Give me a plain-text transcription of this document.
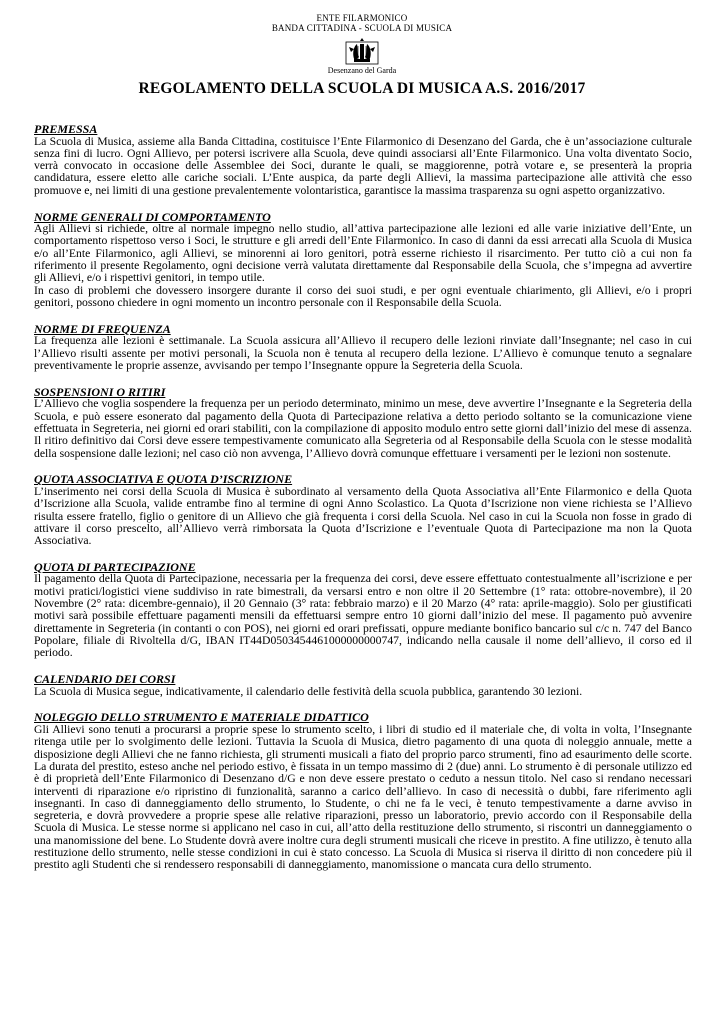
ENTE FILARMONICO
BANDA CITTADINA - SCUOLA DI MUSICA
Desenzano del Garda
REGOLAMENTO DELLA SCUOLA DI MUSICA A.S. 2016/2017
PREMESSA

La Scuola di Musica, assieme alla Banda Cittadina, costituisce l’Ente Filarmonico di Desenzano del Garda, che è un’associazione culturale senza fini di lucro. Ogni Allievo, per potersi iscrivere alla Scuola, deve quindi associarsi all’Ente Filarmonico. Una volta diventato Socio, verrà convocato in occasione delle Assemblee dei Soci, durante le quali, se maggiorenne, potrà votare e, se presenterà la propria candidatura, essere eletto alle cariche sociali. L’Ente auspica, da parte degli Allievi, la massima partecipazione alle attività che esso promuove e, nei limiti di una gestione prevalentemente volontaristica, garantisce la massima trasparenza su ogni aspetto organizzativo.

NORME GENERALI DI COMPORTAMENTO

Agli Allievi si richiede, oltre al normale impegno nello studio, all’attiva partecipazione alle lezioni ed alle varie iniziative dell’Ente, un comportamento rispettoso verso i Soci, le strutture e gli arredi dell’Ente Filarmonico. In caso di danni da essi arrecati alla Scuola di Musica e/o all’Ente Filarmonico, agli Allievi, se minorenni ai loro genitori, potrà esserne richiesto il risarcimento. Per tutto ciò a cui non fa riferimento il presente Regolamento, ogni decisione verrà valutata direttamente dal Responsabile della Scuola, che s’impegna ad avvertire gli Allievi, e/o i rispettivi genitori, in tempo utile.

In caso di problemi che dovessero insorgere durante il corso dei suoi studi, e per ogni eventuale chiarimento, gli Allievi, e/o i propri genitori, possono chiedere in ogni momento un incontro personale con il Responsabile della Scuola.

NORME DI FREQUENZA

La frequenza alle lezioni è settimanale. La Scuola assicura all’Allievo il recupero delle lezioni rinviate dall’Insegnante; nel caso in cui l’Allievo risulti assente per motivi personali, la Scuola non è tenuta al recupero della lezione. L’Allievo è comunque tenuto a segnalare preventivamente le proprie assenze, avvisando per tempo l’Insegnante oppure la Segreteria della Scuola.

SOSPENSIONI O RITIRI

L’Allievo che voglia sospendere la frequenza per un periodo determinato, minimo un mese, deve avvertire l’Insegnante e la Segreteria della Scuola, e può essere esonerato dal pagamento della Quota di Partecipazione relativa a detto periodo soltanto se la comunicazione viene effettuata in Segreteria, nei giorni ed orari stabiliti, con la compilazione di apposito modulo entro sette giorni dall’inizio del mese di assenza.

Il ritiro definitivo dai Corsi deve essere tempestivamente comunicato alla Segreteria od al Responsabile della Scuola con le stesse modalità della sospensione dalle lezioni; nel caso ciò non avvenga, l’Allievo dovrà comunque effettuare i versamenti per le lezioni non sostenute.

QUOTA ASSOCIATIVA E QUOTA D’ISCRIZIONE

L’inserimento nei corsi della Scuola di Musica è subordinato al versamento della Quota Associativa all’Ente Filarmonico e della Quota d’Iscrizione alla Scuola, valide entrambe fino al termine di ogni Anno Scolastico. La Quota d’Iscrizione non viene richiesta se l’Allievo risulta essere fratello, figlio o genitore di un Allievo che già frequenta i corsi della Scuola. Nel caso in cui la Scuola non fosse in grado di attivare il corso prescelto, all’Allievo verrà rimborsata la Quota d’Iscrizione e l’eventuale Quota di Partecipazione ma non la Quota Associativa.

QUOTA DI PARTECIPAZIONE

Il pagamento della Quota di Partecipazione, necessaria per la frequenza dei corsi, deve essere effettuato contestualmente all’iscrizione e per motivi pratici/logistici viene suddiviso in rate bimestrali, da versarsi entro e non oltre il 20 Settembre (1° rata: ottobre-novembre), il 20 Novembre (2° rata: dicembre-gennaio), il 20 Gennaio (3° rata: febbraio marzo) e il 20 Marzo (4° rata: aprile-maggio). Solo per giustificati motivi sarà possibile effettuare pagamenti mensili da effettuarsi sempre entro 10 giorni dall’inizio del mese. Il pagamento può avvenire direttamente in Segreteria (in contanti o con POS), nei giorni ed orari prefissati, oppure mediante bonifico bancario sul c/c n. 747 del Banco Popolare, filiale di Rivoltella d/G, IBAN IT44D0503454461000000000747, indicando nella causale il nome dell’allievo, il corso ed il periodo.

CALENDARIO DEI CORSI

La Scuola di Musica segue, indicativamente, il calendario delle festività della scuola pubblica, garantendo 30 lezioni.

NOLEGGIO DELLO STRUMENTO E MATERIALE DIDATTICO

Gli Allievi sono tenuti a procurarsi a proprie spese lo strumento scelto, i libri di studio ed il materiale che, di volta in volta, l’Insegnante ritenga utile per lo svolgimento delle lezioni. Tuttavia la Scuola di Musica, dietro pagamento di una quota di noleggio annuale, mette a disposizione degli Allievi che ne fanno richiesta, gli strumenti musicali a fiato del proprio parco strumenti, fino ad esaurimento delle scorte. La durata del prestito, esteso anche nel periodo estivo, è fissata in un tempo massimo di 2 (due) anni. Lo strumento è di personale utilizzo ed è di proprietà dell’Ente Filarmonico di Desenzano d/G e non deve essere prestato o ceduto a nessun titolo. Nel caso si rendano necessari interventi di riparazione e/o ripristino di funzionalità, saranno a carico dell’allievo. In caso di necessità o dubbi, fare riferimento agli insegnanti. In caso di danneggiamento dello strumento, lo Studente, o chi ne fa le veci, è tenuto tempestivamente a darne avviso in segreteria, e dovrà provvedere a proprie spese alle relative riparazioni, presso un laboratorio, previo accordo con il Responsabile della Scuola di Musica. Le stesse norme si applicano nel caso in cui, all’atto della restituzione dello strumento, si riscontri un danneggiamento o una manomissione del bene. Lo Studente dovrà avere inoltre cura degli strumenti musicali che riceve in prestito. A fine utilizzo, è tenuto alla restituzione dello strumento, nelle stesse condizioni in cui è stato concesso. La Scuola di Musica si riserva il diritto di non concedere più il prestito agli Studenti che si rendessero responsabili di danneggiamento, manomissione o mancata cura dello strumento.
